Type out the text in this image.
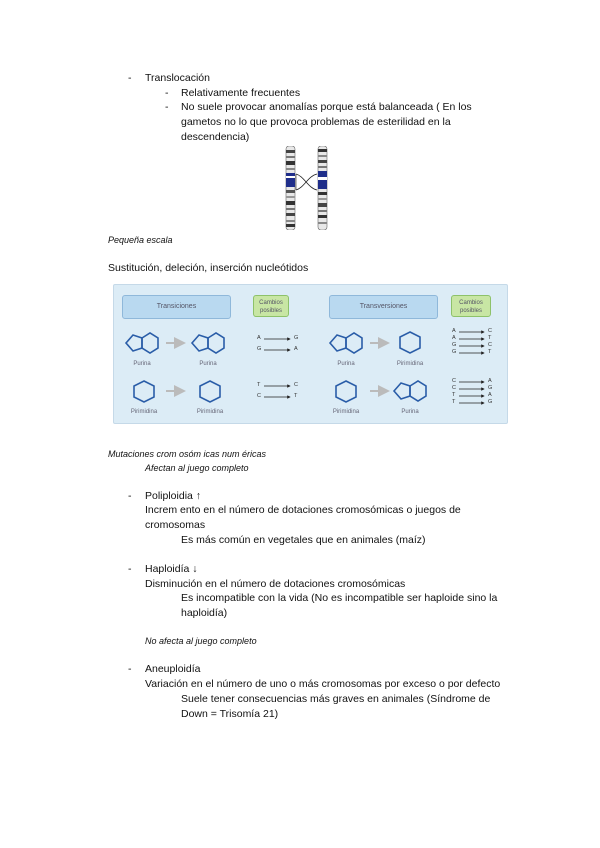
- Translocación
- Relativamente frecuentes
- No suele provocar anomalías porque está balanceada ( En los
gametos no lo que provoca problemas de esterilidad en la
descendencia)
Pequeña escala
Sustitución, deleción, inserción nucleótidos
Transiciones	Cambios
posibles
Transversiones	Cambios
posibles
Purina	Purina
Pirimidina	Pirimidina
Purina	Pirimidina
Pirimidina	Purina
A	G
G	A
T	C
C	T
A	C
A	T
G	C
G	T
C	A
C	G
T	A
T	G
Mutaciones crom osóm icas num éricas
Afectan al juego completo
- Poliploidia ↑
Increm ento en el número de dotaciones cromosómicas o juegos de
cromosomas
Es más común en vegetales que en animales (maíz)
- Haploidía ↓
Disminución en el número de dotaciones cromosómicas
Es incompatible con la vida (No es incompatible ser haploide sino la
haploidía)
No afecta al juego completo
- Aneuploidía
Variación en el número de uno o más cromosomas por exceso o por defecto
Suele tener consecuencias más graves en animales (Síndrome de
Down = Trisomía 21)
